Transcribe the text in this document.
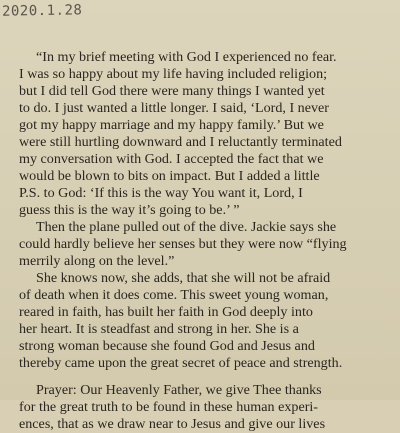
2020.1.28
“In my brief meeting with God I experienced no fear.
I was so happy about my life having included religion;
but I did tell God there were many things I wanted yet
to do. I just wanted a little longer. I said, ‘Lord, I never
got my happy marriage and my happy family.’ But we
were still hurtling downward and I reluctantly terminated
my conversation with God. I accepted the fact that we
would be blown to bits on impact. But I added a little
P.S. to God: ‘If this is the way You want it, Lord, I
guess this is the way it’s going to be.’ ”
Then the plane pulled out of the dive. Jackie says she
could hardly believe her senses but they were now “flying
merrily along on the level.”
She knows now, she adds, that she will not be afraid
of death when it does come. This sweet young woman,
reared in faith, has built her faith in God deeply into
her heart. It is steadfast and strong in her. She is a
strong woman because she found God and Jesus and
thereby came upon the great secret of peace and strength.
Prayer: Our Heavenly Father, we give Thee thanks
for the great truth to be found in these human experi-
ences, that as we draw near to Jesus and give our lives
